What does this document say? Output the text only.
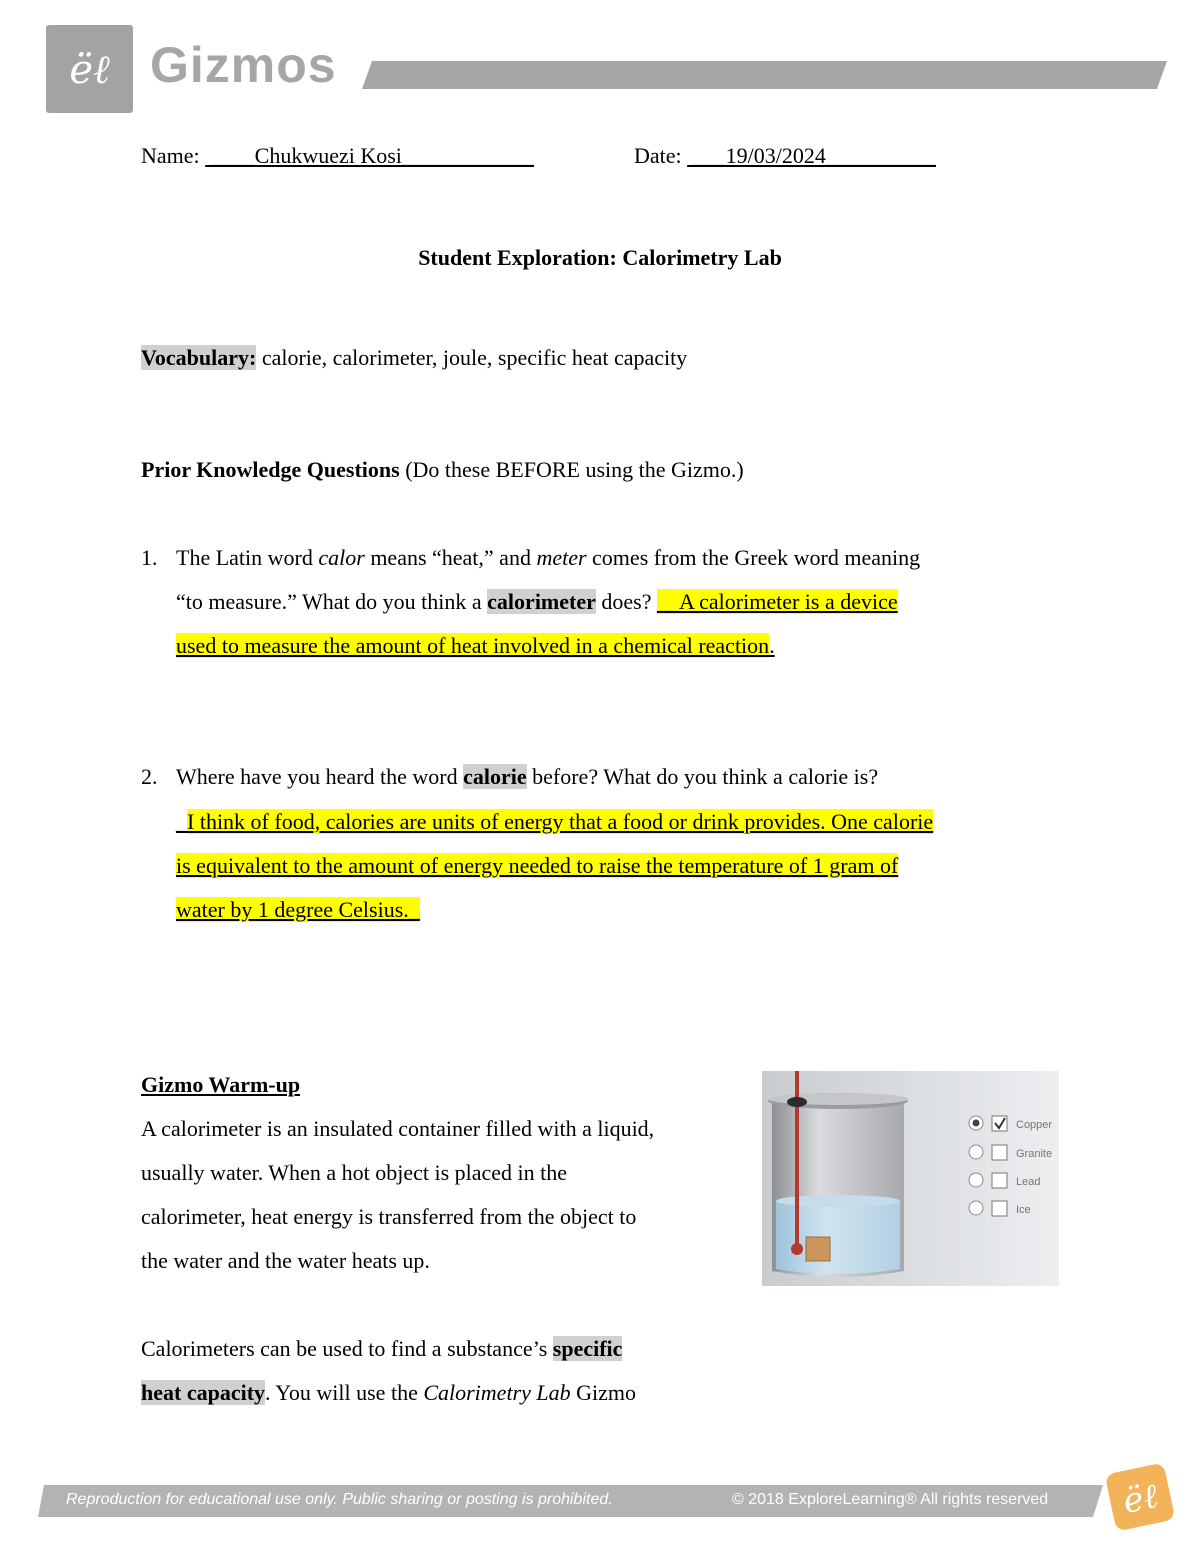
ëℓ Gizmos
Name:  ____Chukwuezi Kosi____________	Date:  ___19/03/2024__________
Student Exploration: Calorimetry Lab
Vocabulary: calorie, calorimeter, joule, specific heat capacity
Prior Knowledge Questions (Do these BEFORE using the Gizmo.)
1. The Latin word calor means “heat,” and meter comes from the Greek word meaning
“to measure.” What do you think a calorimeter does? __A calorimeter is a device
used to measure the amount of heat involved in a chemical reaction.
2. Where have you heard the word calorie before? What do you think a calorie is?
_I think of food, calories are units of energy that a food or drink provides. One calorie
is equivalent to the amount of energy needed to raise the temperature of 1 gram of
water by 1 degree Celsius._
Gizmo Warm-up
A calorimeter is an insulated container filled with a liquid,
usually water. When a hot object is placed in the
calorimeter, heat energy is transferred from the object to
the water and the water heats up.
Calorimeters can be used to find a substance’s specific
heat capacity. You will use the Calorimetry Lab Gizmo
Copper
Granite
Lead
Ice
Reproduction for educational use only. Public sharing or posting is prohibited.	© 2018 ExploreLearning® All rights reserved ëℓ
